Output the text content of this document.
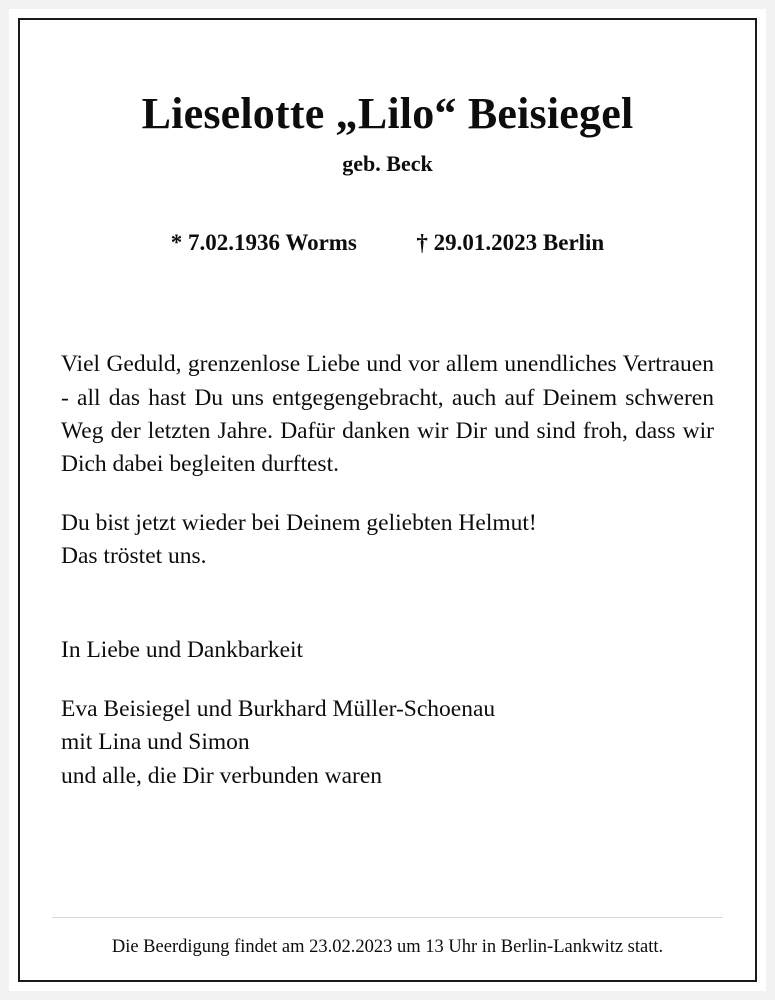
Lieselotte „Lilo“ Beisiegel
geb. Beck
* 7.02.1936 Worms	† 29.01.2023 Berlin

Viel Geduld, grenzenlose Liebe und vor allem unendliches Vertrauen - all das hast Du uns entgegengebracht, auch auf Deinem schweren Weg der letzten Jahre. Dafür danken wir Dir und sind froh, dass wir Dich dabei begleiten durftest.

Du bist jetzt wieder bei Deinem geliebten Helmut!

Das tröstet uns.

In Liebe und Dankbarkeit

Eva Beisiegel und Burkhard Müller-Schoenau
mit Lina und Simon
und alle, die Dir verbunden waren
Die Beerdigung findet am 23.02.2023 um 13 Uhr in Berlin-Lankwitz statt.
